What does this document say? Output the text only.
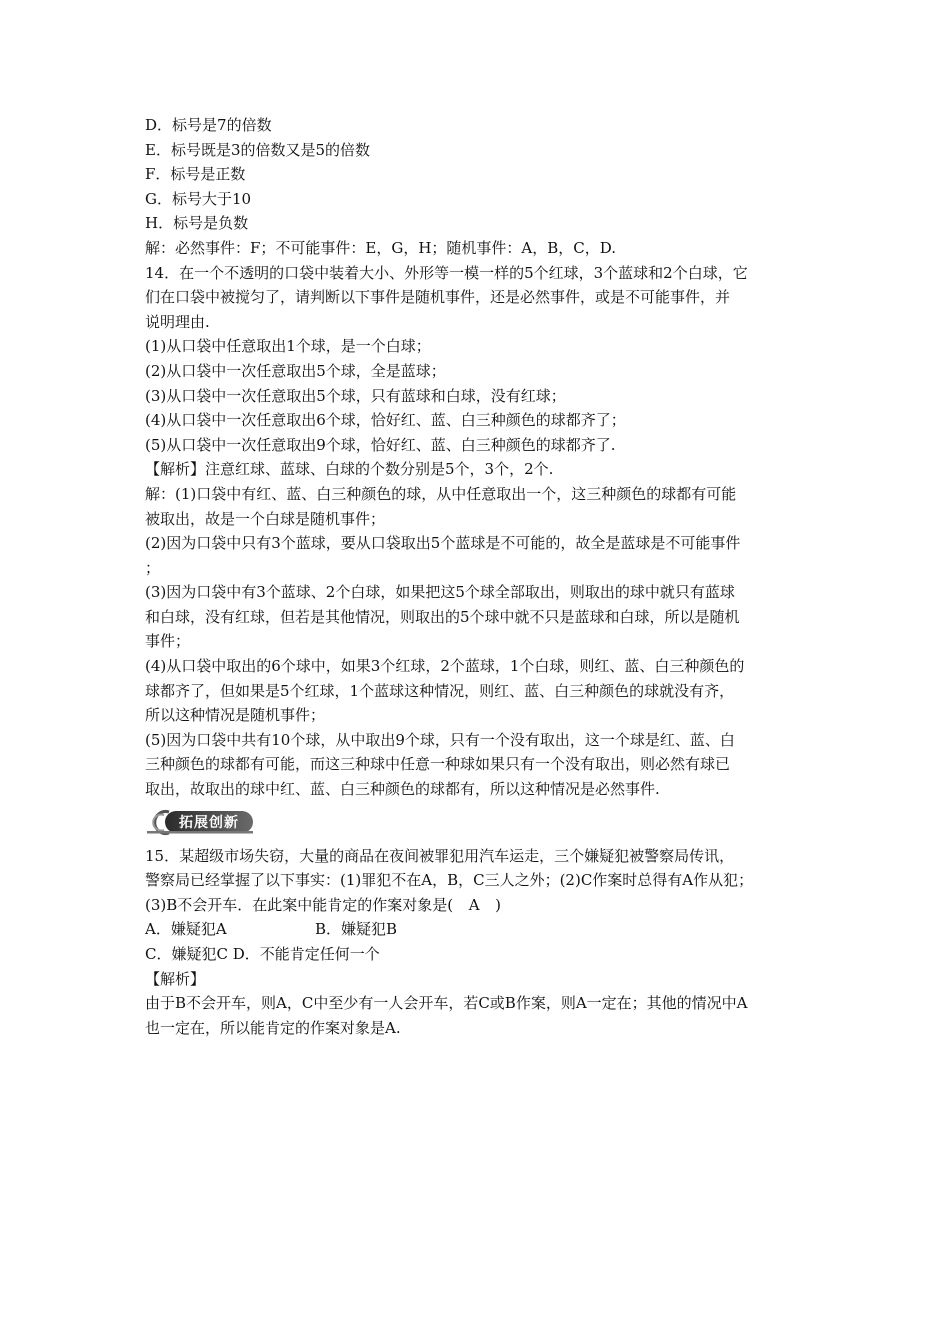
D．标号是7的倍数
E．标号既是3的倍数又是5的倍数
F．标号是正数
G．标号大于10
H．标号是负数
解：必然事件：F；不可能事件：E，G，H；随机事件：A，B，C，D.
14．在一个不透明的口袋中装着大小、外形等一模一样的5个红球，3个蓝球和2个白球，它
们在口袋中被搅匀了，请判断以下事件是随机事件，还是必然事件，或是不可能事件，并
说明理由.
(1)从口袋中任意取出1个球，是一个白球；
(2)从口袋中一次任意取出5个球，全是蓝球；
(3)从口袋中一次任意取出5个球，只有蓝球和白球，没有红球；
(4)从口袋中一次任意取出6个球，恰好红、蓝、白三种颜色的球都齐了；
(5)从口袋中一次任意取出9个球，恰好红、蓝、白三种颜色的球都齐了.
【解析】注意红球、蓝球、白球的个数分别是5个，3个，2个.
解：(1)口袋中有红、蓝、白三种颜色的球，从中任意取出一个，这三种颜色的球都有可能
被取出，故是一个白球是随机事件；
(2)因为口袋中只有3个蓝球，要从口袋取出5个蓝球是不可能的，故全是蓝球是不可能事件
；
(3)因为口袋中有3个蓝球、2个白球，如果把这5个球全部取出，则取出的球中就只有蓝球
和白球，没有红球，但若是其他情况，则取出的5个球中就不只是蓝球和白球，所以是随机
事件；
(4)从口袋中取出的6个球中，如果3个红球，2个蓝球，1个白球，则红、蓝、白三种颜色的
球都齐了，但如果是5个红球，1个蓝球这种情况，则红、蓝、白三种颜色的球就没有齐，
所以这种情况是随机事件；
(5)因为口袋中共有10个球，从中取出9个球，只有一个没有取出，这一个球是红、蓝、白
三种颜色的球都有可能，而这三种球中任意一种球如果只有一个没有取出，则必然有球已
取出，故取出的球中红、蓝、白三种颜色的球都有，所以这种情况是必然事件.
拓展创新
15．某超级市场失窃，大量的商品在夜间被罪犯用汽车运走，三个嫌疑犯被警察局传讯，
警察局已经掌握了以下事实：(1)罪犯不在A，B，C三人之外；(2)C作案时总得有A作从犯；
(3)B不会开车．在此案中能肯定的作案对象是( A )
A．嫌疑犯A	B．嫌疑犯B
C．嫌疑犯C D．不能肯定任何一个
【解析】
由于B不会开车，则A，C中至少有一人会开车，若C或B作案，则A一定在；其他的情况中A
也一定在，所以能肯定的作案对象是A.
